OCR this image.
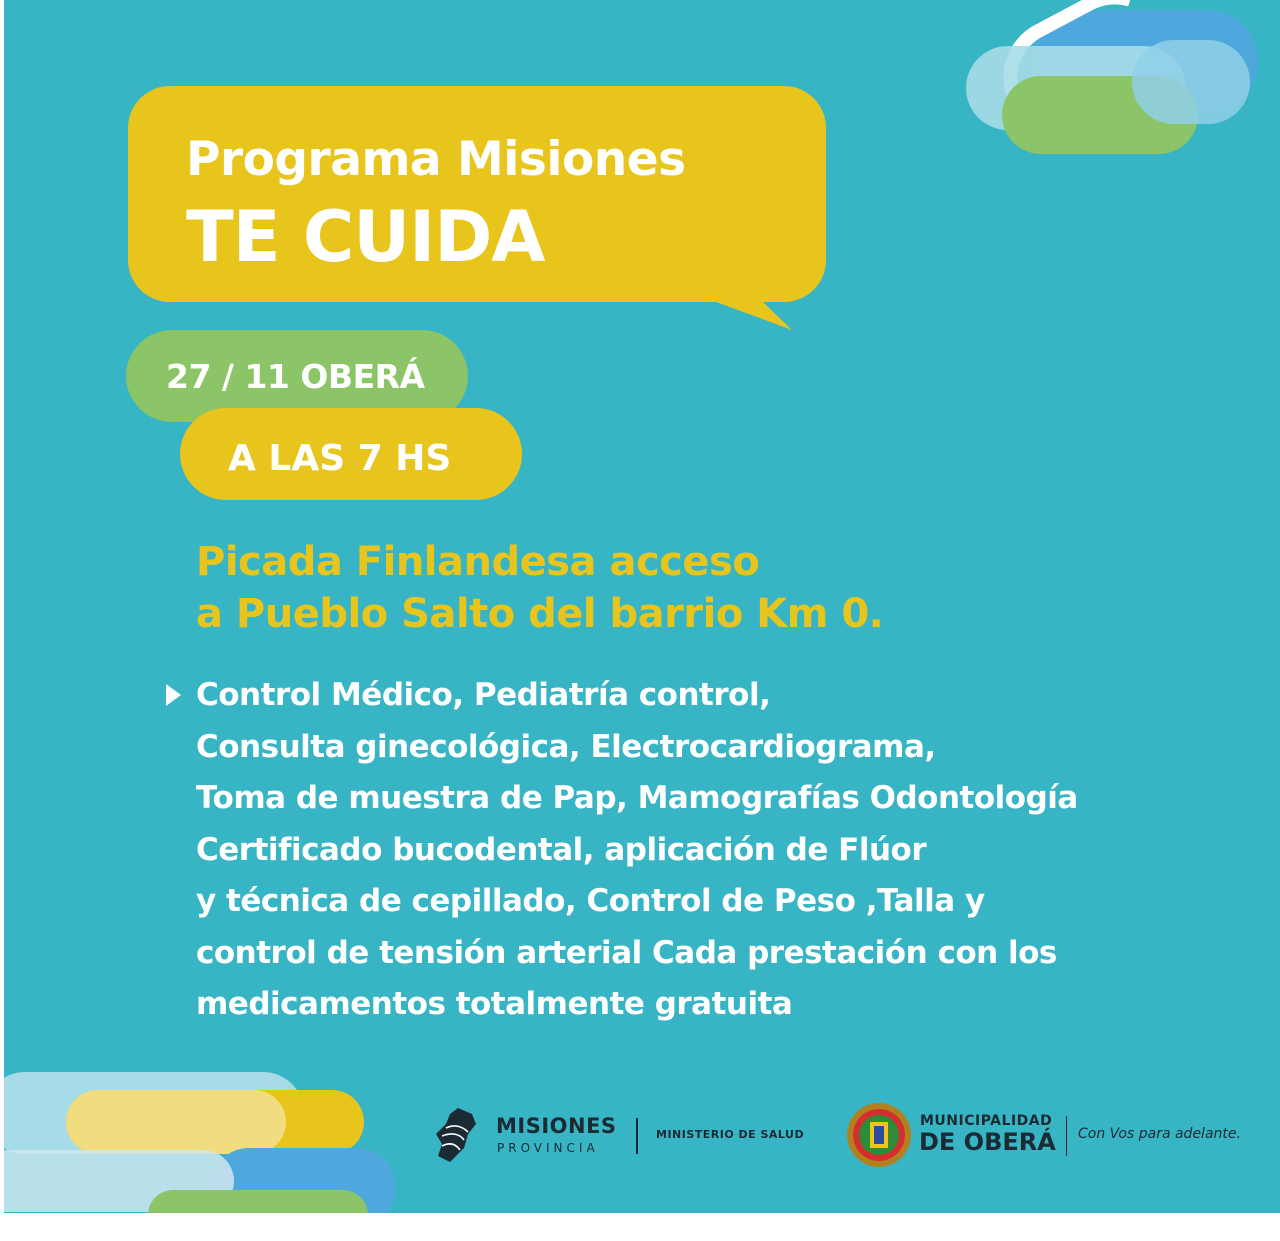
Programa Misiones
TE CUIDA
27 / 11 OBERÁ
A LAS 7 HS
Picada Finlandesa acceso
a Pueblo Salto del barrio Km 0.
Control Médico, Pediatría control,
Consulta ginecológica, Electrocardiograma,
Toma de muestra de Pap, Mamografías Odontología
Certificado bucodental, aplicación de Flúor
y técnica de cepillado, Control de Peso ,Talla y
control de tensión arterial Cada prestación con los
medicamentos totalmente gratuita
MISIONES
PROVINCIA
MINISTERIO DE SALUD
MUNICIPALIDAD
DE OBERÁ Con Vos para adelante.
